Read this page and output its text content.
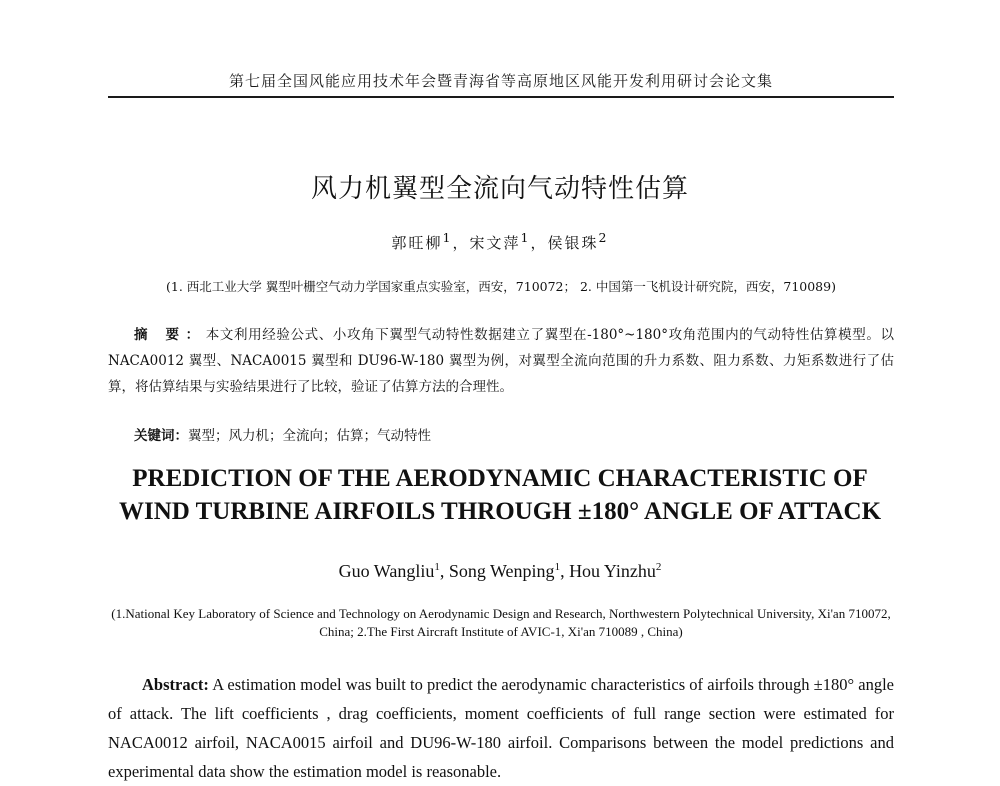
第七届全国风能应用技术年会暨青海省等高原地区风能开发利用研讨会论文集
风力机翼型全流向气动特性估算
郭旺柳$^1$，宋文萍$^1$，侯银珠$^2$
(1. 西北工业大学 翼型叶栅空气动力学国家重点实验室，西安，710072； 2. 中国第一飞机设计研究院，西安，710089)
摘 要：本文利用经验公式、小攻角下翼型气动特性数据建立了翼型在-180°~180°攻角范围内的气动特性估算模型。以 NACA0012 翼型、NACA0015 翼型和 DU96-W-180 翼型为例，对翼型全流向范围的升力系数、阻力系数、力矩系数进行了估算，将估算结果与实验结果进行了比较，验证了估算方法的合理性。
关键词：翼型；风力机；全流向；估算；气动特性
PREDICTION OF THE AERODYNAMIC CHARACTERISTIC OF
WIND TURBINE AIRFOILS THROUGH ±180° ANGLE OF ATTACK
Guo Wangliu$^1$, Song Wenping$^1$, Hou Yinzhu$^2$
(1.National Key Laboratory of Science and Technology on Aerodynamic Design and Research, Northwestern Polytechnical University, Xi'an 710072, China; 2.The First Aircraft Institute of AVIC-1, Xi'an 710089 , China)
Abstract: A estimation model was built to predict the aerodynamic characteristics of airfoils through ±180° angle of attack. The lift coefficients , drag coefficients, moment coefficients of full range section were estimated for NACA0012 airfoil, NACA0015 airfoil and DU96-W-180 airfoil. Comparisons between the model predictions and experimental data show the estimation model is reasonable.
